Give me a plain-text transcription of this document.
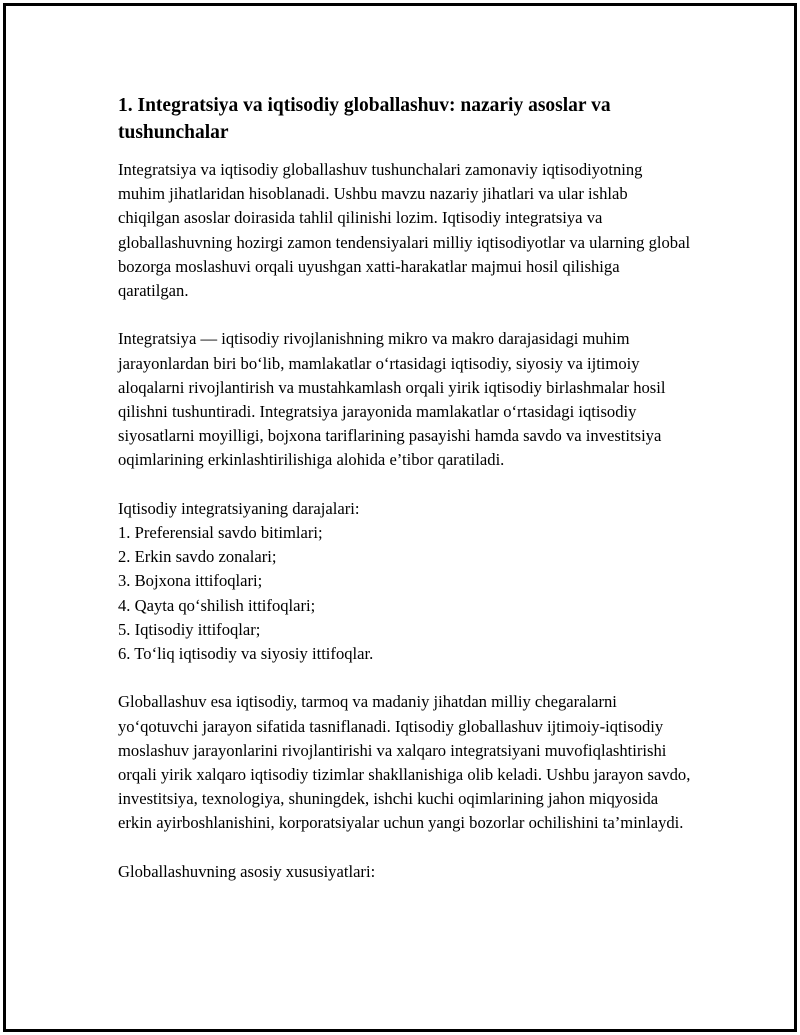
1. Integratsiya va iqtisodiy globallashuv: nazariy asoslar va tushunchalar

Integratsiya va iqtisodiy globallashuv tushunchalari zamonaviy iqtisodiyotning muhim jihatlaridan hisoblanadi. Ushbu mavzu nazariy jihatlari va ular ishlab chiqilgan asoslar doirasida tahlil qilinishi lozim. Iqtisodiy integratsiya va globallashuvning hozirgi zamon tendensiyalari milliy iqtisodiyotlar va ularning global bozorga moslashuvi orqali uyushgan xatti-harakatlar majmui hosil qilishiga qaratilgan.

Integratsiya — iqtisodiy rivojlanishning mikro va makro darajasidagi muhim jarayonlardan biri bo‘lib, mamlakatlar o‘rtasidagi iqtisodiy, siyosiy va ijtimoiy aloqalarni rivojlantirish va mustahkamlash orqali yirik iqtisodiy birlashmalar hosil qilishni tushuntiradi. Integratsiya jarayonida mamlakatlar o‘rtasidagi iqtisodiy siyosatlarni moyilligi, bojxona tariflarining pasayishi hamda savdo va investitsiya oqimlarining erkinlashtirilishiga alohida e’tibor qaratiladi.

Iqtisodiy integratsiyaning darajalari:

1. Preferensial savdo bitimlari;
2. Erkin savdo zonalari;
3. Bojxona ittifoqlari;
4. Qayta qo‘shilish ittifoqlari;
5. Iqtisodiy ittifoqlar;
6. To‘liq iqtisodiy va siyosiy ittifoqlar.

Globallashuv esa iqtisodiy, tarmoq va madaniy jihatdan milliy chegaralarni yo‘qotuvchi jarayon sifatida tasniflanadi. Iqtisodiy globallashuv ijtimoiy-iqtisodiy moslashuv jarayonlarini rivojlantirishi va xalqaro integratsiyani muvofiqlashtirishi orqali yirik xalqaro iqtisodiy tizimlar shakllanishiga olib keladi. Ushbu jarayon savdo, investitsiya, texnologiya, shuningdek, ishchi kuchi oqimlarining jahon miqyosida erkin ayirboshlanishini, korporatsiyalar uchun yangi bozorlar ochilishini ta’minlaydi.

Globallashuvning asosiy xususiyatlari:
